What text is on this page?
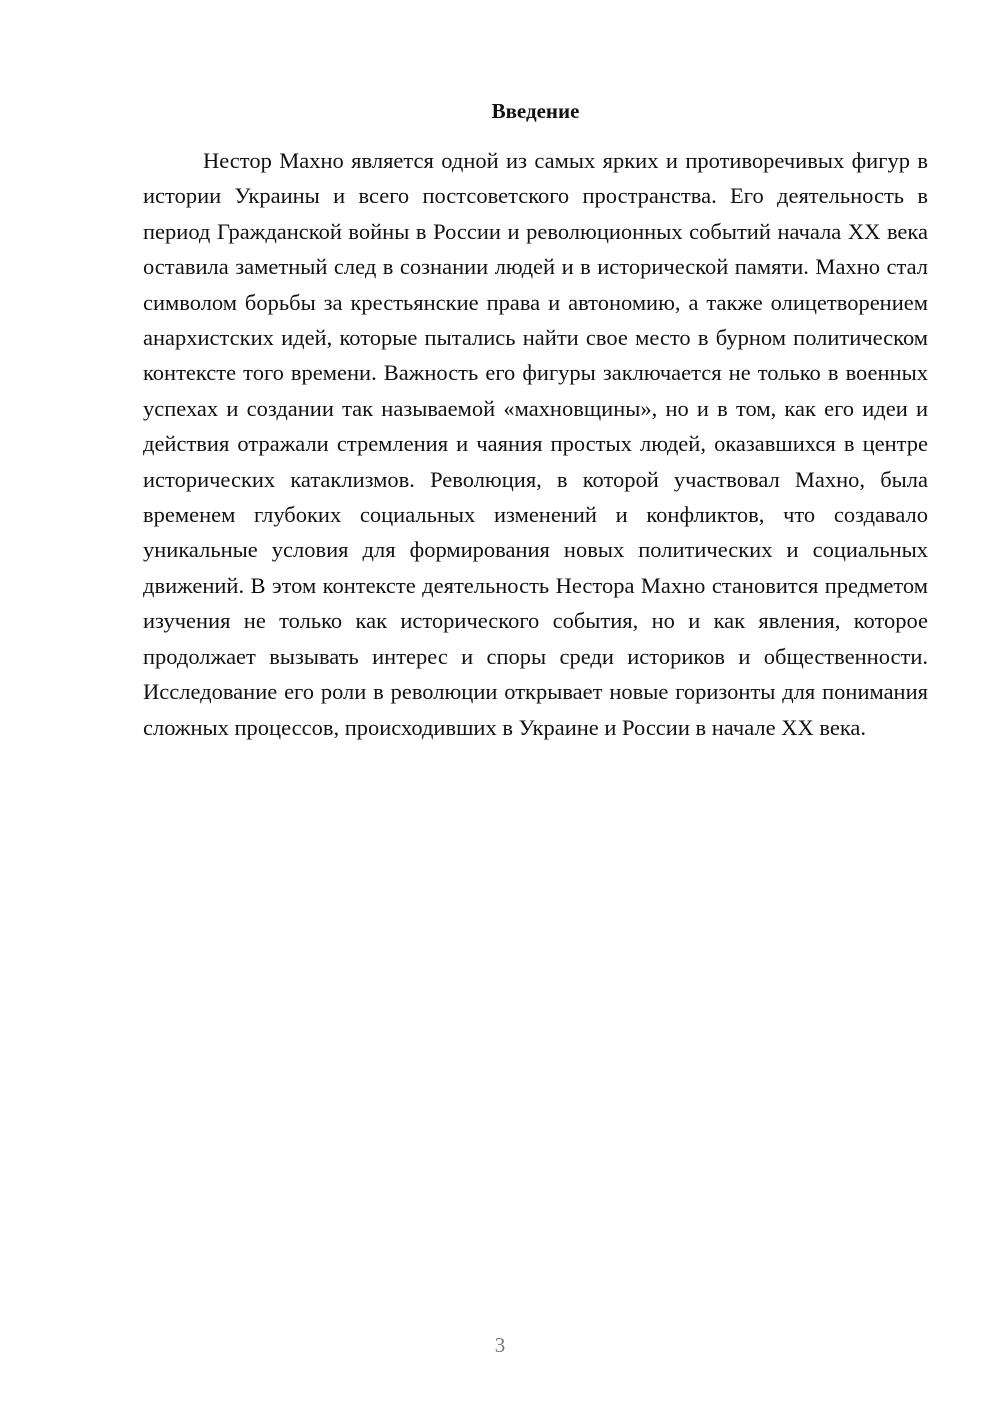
Введение

Нестор Махно является одной из самых ярких и противоречивых фигур в истории Украины и всего постсоветского пространства. Его деятельность в период Гражданской войны в России и революционных событий начала XX века оставила заметный след в сознании людей и в исторической памяти. Махно стал символом борьбы за крестьянские права и автономию, а также олицетворением анархистских идей, которые пытались найти свое место в бурном политическом контексте того времени. Важность его фигуры заключается не только в военных успехах и создании так называемой «махновщины», но и в том, как его идеи и действия отражали стремления и чаяния простых людей, оказавшихся в центре исторических катаклизмов. Революция, в которой участвовал Махно, была временем глубоких социальных изменений и конфликтов, что создавало уникальные условия для формирования новых политических и социальных движений. В этом контексте деятельность Нестора Махно становится предметом изучения не только как исторического события, но и как явления, которое продолжает вызывать интерес и споры среди историков и общественности. Исследование его роли в революции открывает новые горизонты для понимания сложных процессов, происходивших в Украине и России в начале XX века.

3
